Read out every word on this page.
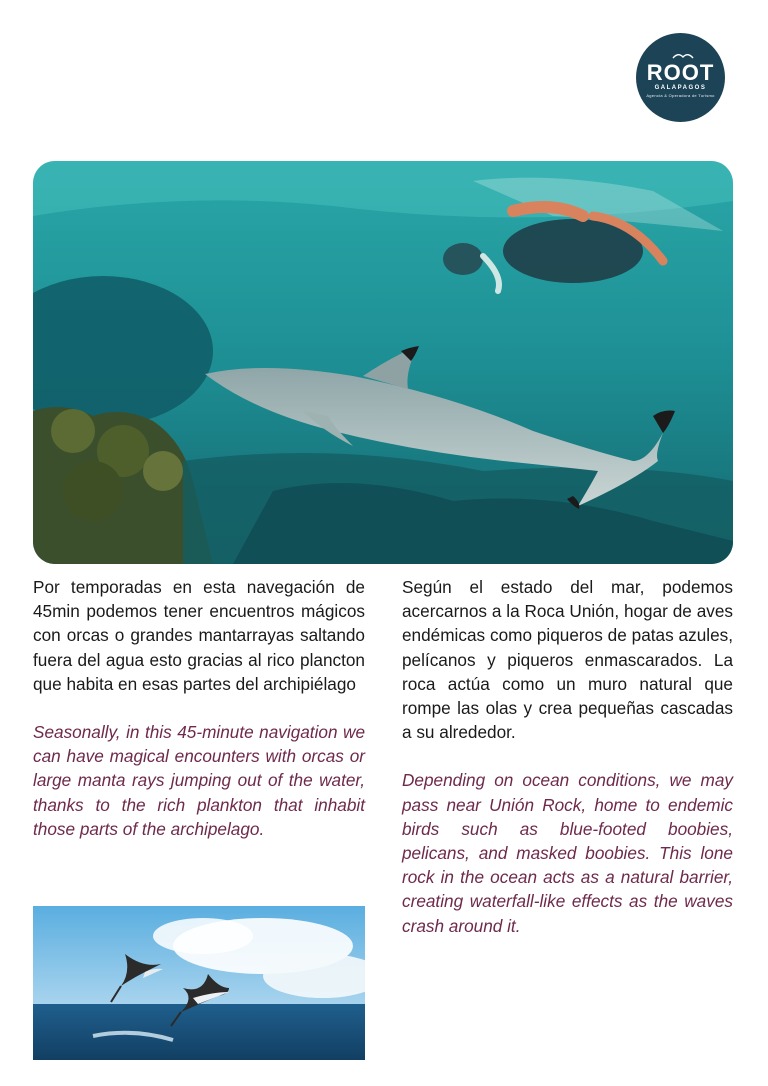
ROOT
GALAPAGOS
Agencia & Operadora de Turismo

Por temporadas en esta navegación de 45min podemos tener encuentros mágicos con orcas o grandes mantarrayas saltando fuera del agua esto gracias al rico plancton que habita en esas partes del archipiélago

Seasonally, in this 45-minute navigation we can have magical encounters with orcas or large manta rays jumping out of the water, thanks to the rich plankton that inhabit those parts of the archipelago.

Según el estado del mar, podemos acercarnos a la Roca Unión, hogar de aves endémicas como piqueros de patas azules, pelícanos y piqueros enmascarados. La roca actúa como un muro natural que rompe las olas y crea pequeñas cascadas a su alrededor.

Depending on ocean conditions, we may pass near Unión Rock, home to endemic birds such as blue-footed boobies, pelicans, and masked boobies. This lone rock in the ocean acts as a natural barrier, creating waterfall-like effects as the waves crash around it.
